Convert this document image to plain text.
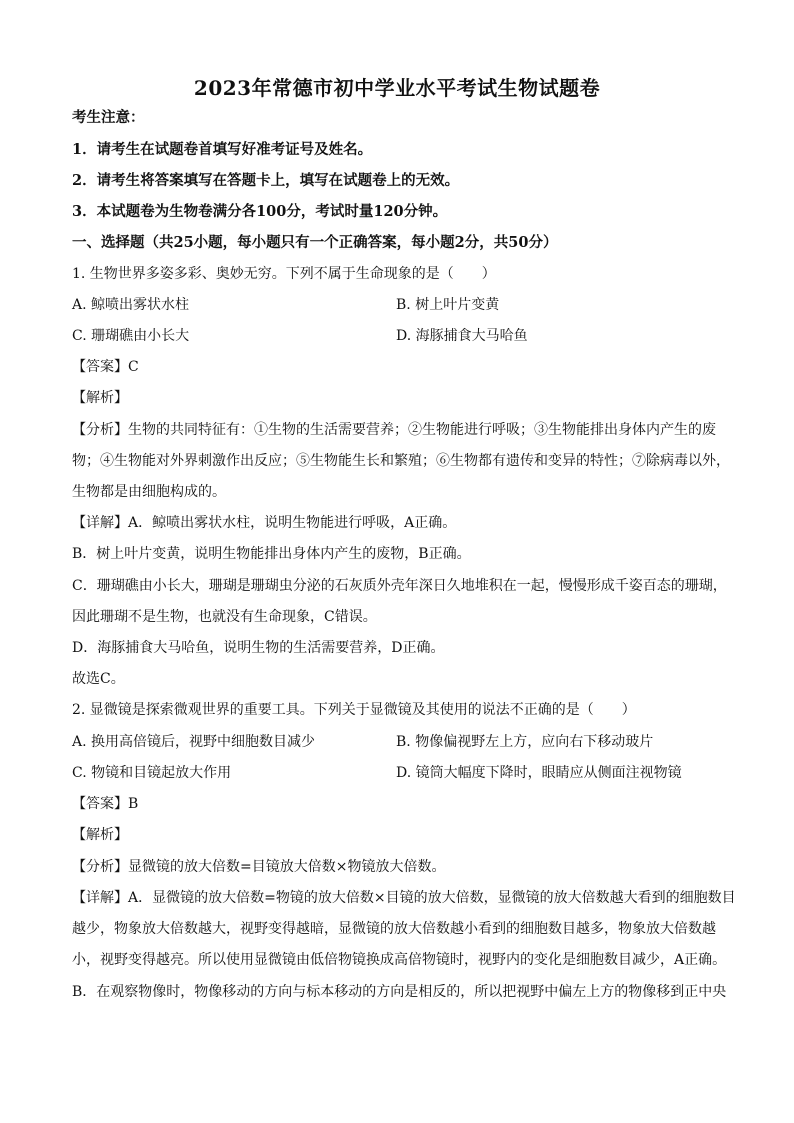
2023年常德市初中学业水平考试生物试题卷
考生注意：
1．请考生在试题卷首填写好准考证号及姓名。
2．请考生将答案填写在答题卡上，填写在试题卷上的无效。
3．本试题卷为生物卷满分各100分，考试时量120分钟。
一、选择题（共25小题，每小题只有一个正确答案，每小题2分，共50分）
1. 生物世界多姿多彩、奥妙无穷。下列不属于生命现象的是（　　）
A. 鲸喷出雾状水柱	B. 树上叶片变黄
C. 珊瑚礁由小长大	D. 海豚捕食大马哈鱼
【答案】C
【解析】
【分析】生物的共同特征有：①生物的生活需要营养；②生物能进行呼吸；③生物能排出身体内产生的废
物；④生物能对外界刺激作出反应；⑤生物能生长和繁殖；⑥生物都有遗传和变异的特性；⑦除病毒以外，
生物都是由细胞构成的。
【详解】A．鲸喷出雾状水柱，说明生物能进行呼吸，A正确。
B．树上叶片变黄，说明生物能排出身体内产生的废物，B正确。
C．珊瑚礁由小长大，珊瑚是珊瑚虫分泌的石灰质外壳年深日久地堆积在一起，慢慢形成千姿百态的珊瑚，
因此珊瑚不是生物，也就没有生命现象，C错误。
D．海豚捕食大马哈鱼，说明生物的生活需要营养，D正确。
故选C。
2. 显微镜是探索微观世界的重要工具。下列关于显微镜及其使用的说法不正确的是（　　）
A. 换用高倍镜后，视野中细胞数目减少	B. 物像偏视野左上方，应向右下移动玻片
C. 物镜和目镜起放大作用	D. 镜筒大幅度下降时，眼睛应从侧面注视物镜
【答案】B
【解析】
【分析】显微镜的放大倍数=目镜放大倍数×物镜放大倍数。
【详解】A．显微镜的放大倍数=物镜的放大倍数×目镜的放大倍数，显微镜的放大倍数越大看到的细胞数目
越少，物象放大倍数越大，视野变得越暗，显微镜的放大倍数越小看到的细胞数目越多，物象放大倍数越
小，视野变得越亮。所以使用显微镜由低倍物镜换成高倍物镜时，视野内的变化是细胞数目减少，A正确。
B．在观察物像时，物像移动的方向与标本移动的方向是相反的，所以把视野中偏左上方的物像移到正中央
